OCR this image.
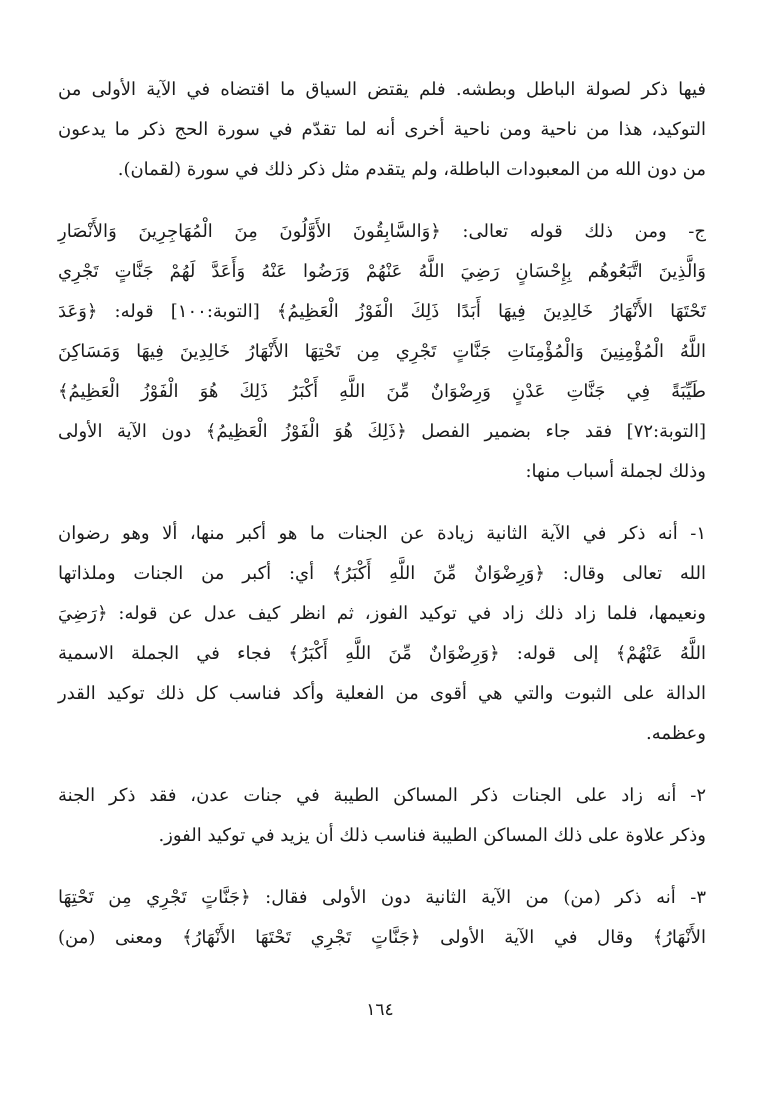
فيها ذكر لصولة الباطل وبطشه. فلم يقتض السياق ما اقتضاه في الآية الأولى من
التوكيد، هذا من ناحية ومن ناحية أخرى أنه لما تقدّم في سورة الحج ذكر ما يدعون
من دون الله من المعبودات الباطلة، ولم يتقدم مثل ذكر ذلك في سورة (لقمان).
ج- ومن ذلك قوله تعالى: ﴿وَالسَّابِقُونَ الأَوَّلُونَ مِنَ الْمُهَاجِرِينَ وَالأَنْصَارِ
وَالَّذِينَ اتَّبَعُوهُم بِإِحْسَانٍ رَضِيَ اللَّهُ عَنْهُمْ وَرَضُوا عَنْهُ وَأَعَدَّ لَهُمْ جَنَّاتٍ تَجْرِي
تَحْتَهَا الأَنْهَارُ خَالِدِينَ فِيهَا أَبَدًا ذَلِكَ الْفَوْزُ الْعَظِيمُ﴾ [التوبة:١٠٠] قوله: ﴿وَعَدَ
اللَّهُ الْمُؤْمِنِينَ وَالْمُؤْمِنَاتِ جَنَّاتٍ تَجْرِي مِن تَحْتِهَا الأَنْهَارُ خَالِدِينَ فِيهَا وَمَسَاكِنَ
طَيِّبَةً فِي جَنَّاتِ عَدْنٍ وَرِضْوَانٌ مِّنَ اللَّهِ أَكْبَرُ ذَلِكَ هُوَ الْفَوْزُ الْعَظِيمُ﴾
[التوبة:٧٢] فقد جاء بضمير الفصل ﴿ذَلِكَ هُوَ الْفَوْزُ الْعَظِيمُ﴾ دون الآية الأولى
وذلك لجملة أسباب منها:
١- أنه ذكر في الآية الثانية زيادة عن الجنات ما هو أكبر منها، ألا وهو رضوان
الله تعالى وقال: ﴿وَرِضْوَانٌ مِّنَ اللَّهِ أَكْبَرُ﴾ أي: أكبر من الجنات وملذاتها
ونعيمها، فلما زاد ذلك زاد في توكيد الفوز، ثم انظر كيف عدل عن قوله: ﴿رَضِيَ
اللَّهُ عَنْهُمْ﴾ إلى قوله: ﴿وَرِضْوَانٌ مِّنَ اللَّهِ أَكْبَرُ﴾ فجاء في الجملة الاسمية
الدالة على الثبوت والتي هي أقوى من الفعلية وأكد فناسب كل ذلك توكيد القدر
وعظمه.
٢- أنه زاد على الجنات ذكر المساكن الطيبة في جنات عدن، فقد ذكر الجنة
وذكر علاوة على ذلك المساكن الطيبة فناسب ذلك أن يزيد في توكيد الفوز.
٣- أنه ذكر (من) من الآية الثانية دون الأولى فقال: ﴿جَنَّاتٍ تَجْرِي مِن تَحْتِهَا
الأَنْهَارُ﴾ وقال في الآية الأولى ﴿جَنَّاتٍ تَجْرِي تَحْتَهَا الأَنْهَارُ﴾ ومعنى (من)
١٦٤
